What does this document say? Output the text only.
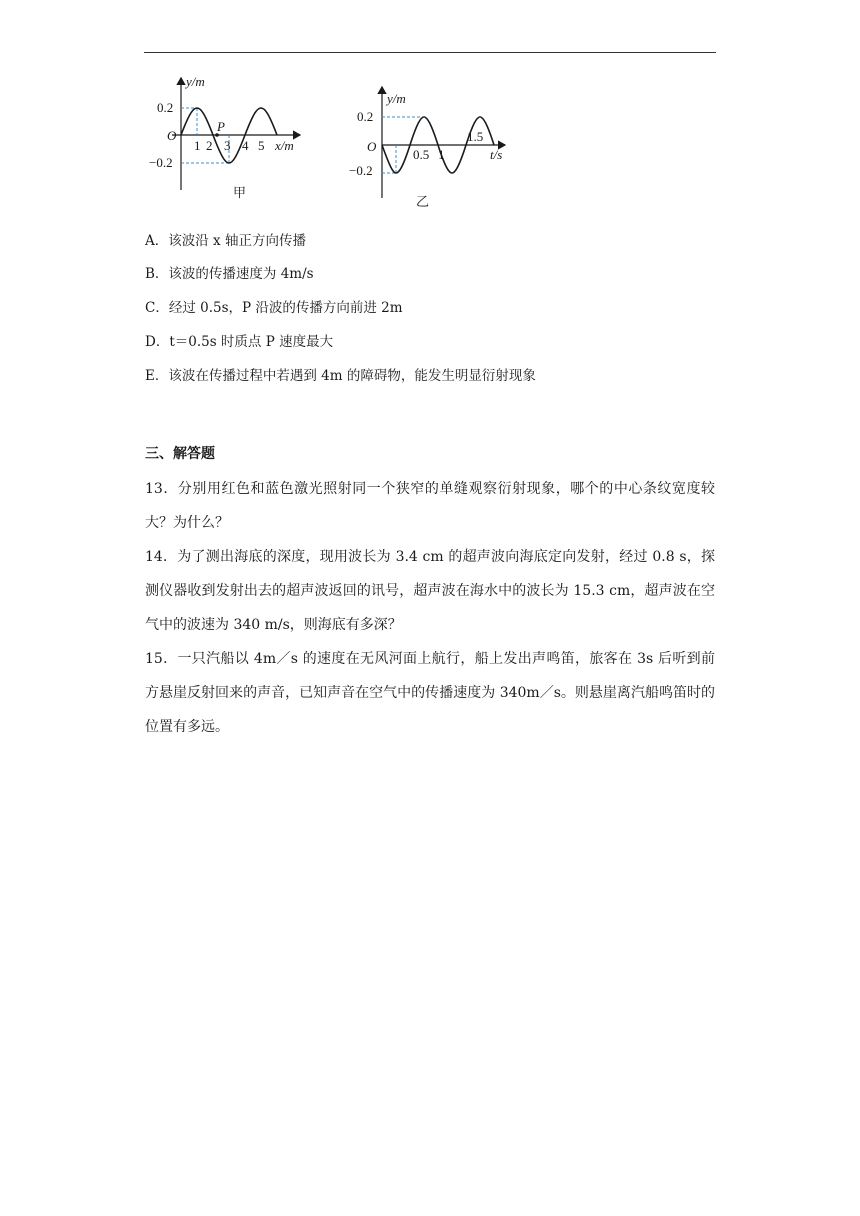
y/m
0.2
O
−0.2
P
1 2 3 4 5 x/m
甲
y/m
0.2
O
−0.2
0.5 1
1.5
t/s
乙
A．该波沿 x 轴正方向传播
B．该波的传播速度为 4m/s
C．经过 0.5s，P 沿波的传播方向前进 2m
D．t＝0.5s 时质点 P 速度最大
E．该波在传播过程中若遇到 4m 的障碍物，能发生明显衍射现象
三、解答题
13．分别用红色和蓝色激光照射同一个狭窄的单缝观察衍射现象，哪个的中心条纹宽度较大？为什么？
14．为了测出海底的深度，现用波长为 3.4 cm 的超声波向海底定向发射，经过 0.8 s，探测仪器收到发射出去的超声波返回的讯号，超声波在海水中的波长为 15.3 cm，超声波在空气中的波速为 340 m/s，则海底有多深？
15．一只汽船以 4m／s 的速度在无风河面上航行，船上发出声鸣笛，旅客在 3s 后听到前方悬崖反射回来的声音，已知声音在空气中的传播速度为 340m／s。则悬崖离汽船鸣笛时的位置有多远。
